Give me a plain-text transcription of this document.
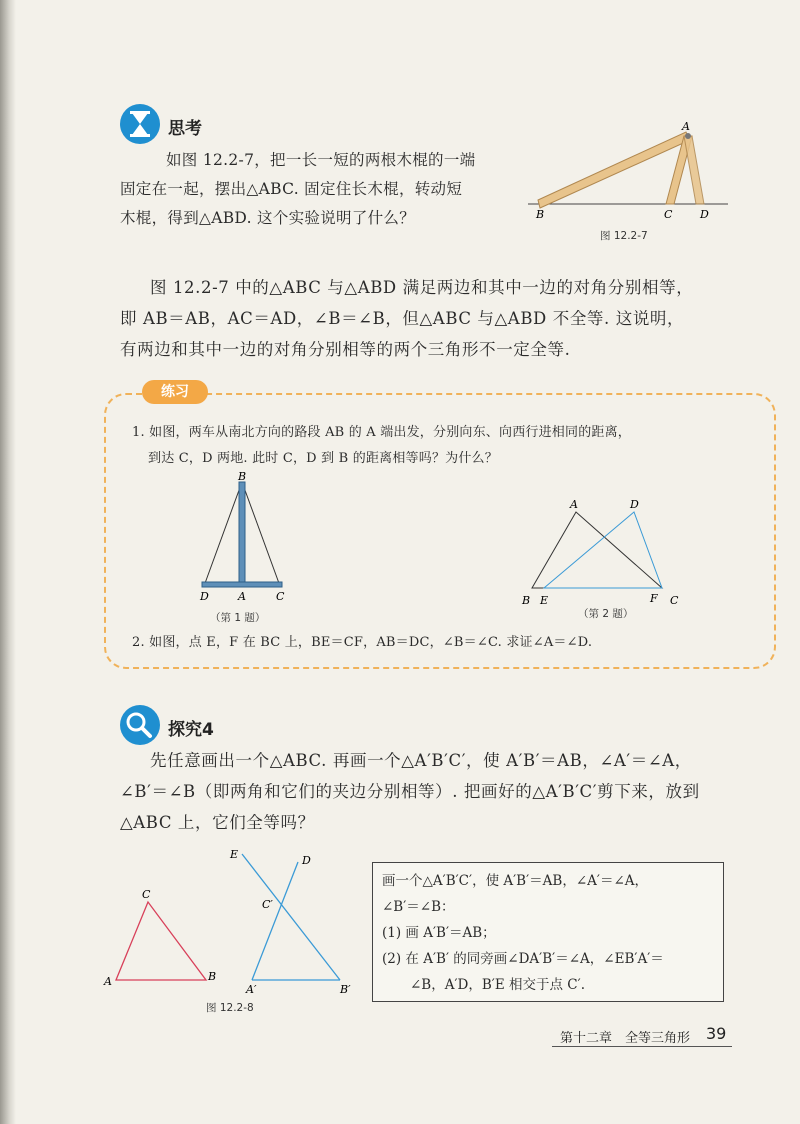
思考
如图 12.2-7，把一长一短的两根木棍的一端
固定在一起，摆出△ABC. 固定住长木棍，转动短
木棍，得到△ABD. 这个实验说明了什么？
A
B	C	D
图 12.2-7
图 12.2-7 中的△ABC 与△ABD 满足两边和其中一边的对角分别相等，
即 AB＝AB，AC＝AD，∠B＝∠B，但△ABC 与△ABD 不全等. 这说明，
有两边和其中一边的对角分别相等的两个三角形不一定全等.
练习
1. 如图，两车从南北方向的路段 AB 的 A 端出发，分别向东、向西行进相同的距离，
到达 C，D 两地. 此时 C，D 到 B 的距离相等吗？为什么？
B
D	A	C
（第 1 题）
A	D
B E	F C
（第 2 题）
2. 如图，点 E，F 在 BC 上，BE＝CF，AB＝DC，∠B＝∠C. 求证∠A＝∠D.
探究4
先任意画出一个△ABC. 再画一个△A′B′C′，使 A′B′＝AB，∠A′＝∠A，
∠B′＝∠B（即两角和它们的夹边分别相等）. 把画好的△A′B′C′剪下来，放到
△ABC 上，它们全等吗？
C
A	B
E	D
C′
A′	B′
图 12.2-8
画一个△A′B′C′，使 A′B′＝AB，∠A′＝∠A，
∠B′＝∠B：
(1) 画 A′B′＝AB；
(2) 在 A′B′ 的同旁画∠DA′B′＝∠A，∠EB′A′＝
∠B，A′D，B′E 相交于点 C′.
第十二章　全等三角形 39
